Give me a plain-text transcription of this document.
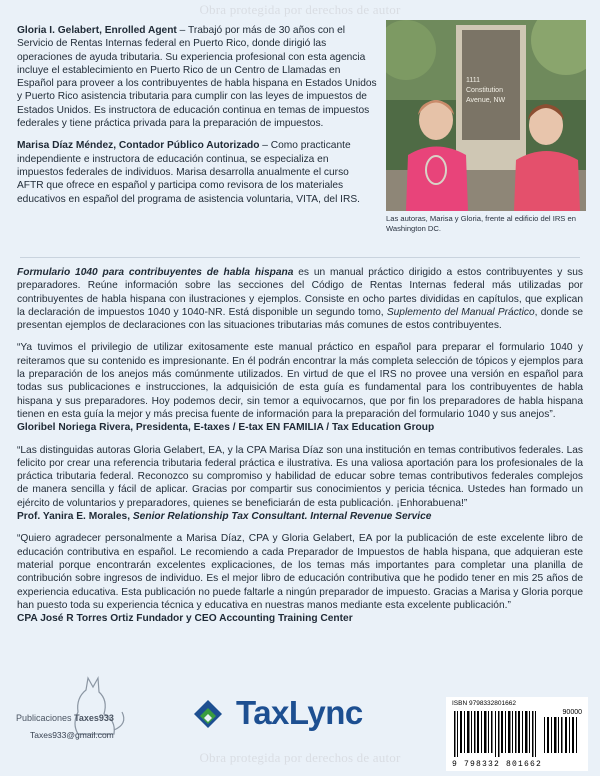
Obra protegida por derechos de autor

Gloria I. Gelabert, Enrolled Agent – Trabajó por más de 30 años con el Servicio de Rentas Internas federal en Puerto Rico, donde dirigió las operaciones de ayuda tributaria. Su experiencia profesional con esta agencia incluye el establecimiento en Puerto Rico de un Centro de Llamadas en Español para proveer a los contribuyentes de habla hispana en Estados Unidos y Puerto Rico asistencia tributaria para cumplir con las leyes de impuestos de Estados Unidos. Es instructora de educación continua en temas de impuestos federales y tiene práctica privada para la preparación de impuestos.

Marisa Díaz Méndez, Contador Público Autorizado – Como practicante independiente e instructora de educación continua, se especializa en impuestos federales de individuos. Marisa desarrolla anualmente el curso AFTR que ofrece en español y participa como revisora de los materiales educativos en español del programa de asistencia voluntaria, VITA, del IRS.

1111
Constitution
Avenue, NW
Las autoras, Marisa y Gloria, frente al edificio del IRS en Washington DC.

Formulario 1040 para contribuyentes de habla hispana es un manual práctico dirigido a estos contribuyentes y sus preparadores. Reúne información sobre las secciones del Código de Rentas Internas federal más utilizadas por contribuyentes de habla hispana con ilustraciones y ejemplos. Consiste en ocho partes divididas en capítulos, que explican la declaración de impuestos 1040 y 1040-NR. Está disponible un segundo tomo, Suplemento del Manual Práctico, donde se presentan ejemplos de declaraciones con las situaciones tributarias más comunes de estos contribuyentes.

“Ya tuvimos el privilegio de utilizar exitosamente este manual práctico en español para preparar el formulario 1040 y reiteramos que su contenido es impresionante. En él podrán encontrar la más completa selección de tópicos y ejemplos para la preparación de los anejos más comúnmente utilizados. En virtud de que el IRS no provee una versión en español para todas sus publicaciones e instrucciones, la adquisición de esta guía es fundamental para los contribuyentes de habla hispana y sus preparadores. Hoy podemos decir, sin temor a equivocarnos, que por fin los preparadores de habla hispana tienen en esta guía la mejor y más precisa fuente de información para la preparación del formulario 1040 y sus anejos”.
Gloribel Noriega Rivera, Presidenta, E-taxes / E-tax EN FAMILIA / Tax Education Group

“Las distinguidas autoras Gloria Gelabert, EA, y la CPA Marisa Díaz son una institución en temas contributivos federales. Las felicito por crear una referencia tributaria federal práctica e ilustrativa. Es una valiosa aportación para los profesionales de la práctica tributaria federal. Reconozco su compromiso y habilidad de educar sobre temas contributivos federales complejos de manera sencilla y fácil de aplicar. Gracias por compartir sus conocimientos y pericia técnica. Ustedes han formado un ejército de voluntarios y preparadores, quienes se beneficiarán de esta publicación. ¡Enhorabuena!”
Prof. Yanira E. Morales, Senior Relationship Tax Consultant. Internal Revenue Service

“Quiero agradecer personalmente a Marisa Díaz, CPA y Gloria Gelabert, EA por la publicación de este excelente libro de educación contributiva en español. Le recomiendo a cada Preparador de Impuestos de habla hispana, que adquieran este material porque encontrarán excelentes explicaciones, de los temas más importantes para completar una planilla de contribución sobre ingresos de individuo. Es el mejor libro de educación contributiva que he podido tener en mis 25 años de experiencia educativa. Esta publicación no puede faltarle a ningún preparador de impuesto. Gracias a Marisa y Gloria porque han puesto toda su experiencia técnica y educativa en nuestras manos mediante esta excelente publicación.”
CPA José R Torres Ortiz Fundador y CEO Accounting Training Center

Publicaciones Taxes933
Taxes933@gmail.com
TaxLync	ISBN 9798332801662
90000
9 798332 801662
Obra protegida por derechos de autor
